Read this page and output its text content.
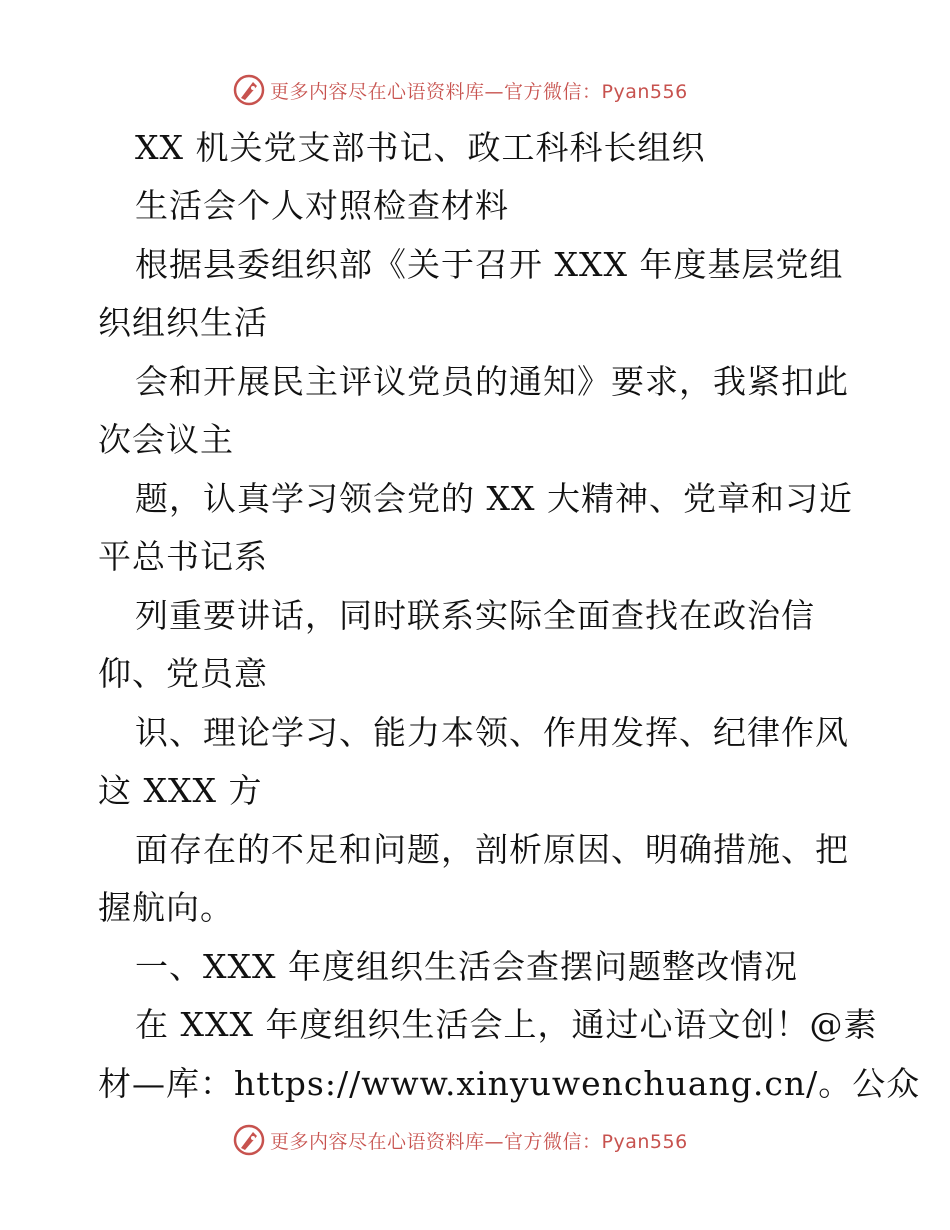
更多内容尽在心语资料库—官方微信：Pyan556
XX 机关党支部书记、政工科科长组织
生活会个人对照检查材料
根据县委组织部《关于召开 XXX 年度基层党组
织组织生活
会和开展民主评议党员的通知》要求，我紧扣此
次会议主
题，认真学习领会党的 XX 大精神、党章和习近
平总书记系
列重要讲话，同时联系实际全面查找在政治信
仰、党员意
识、理论学习、能力本领、作用发挥、纪律作风
这 XXX 方
面存在的不足和问题，剖析原因、明确措施、把
握航向。
一、XXX 年度组织生活会查摆问题整改情况
在 XXX 年度组织生活会上，通过心语文创！@素
材—库：https://www.xinyuwenchuang.cn/。公众
更多内容尽在心语资料库—官方微信：Pyan556
